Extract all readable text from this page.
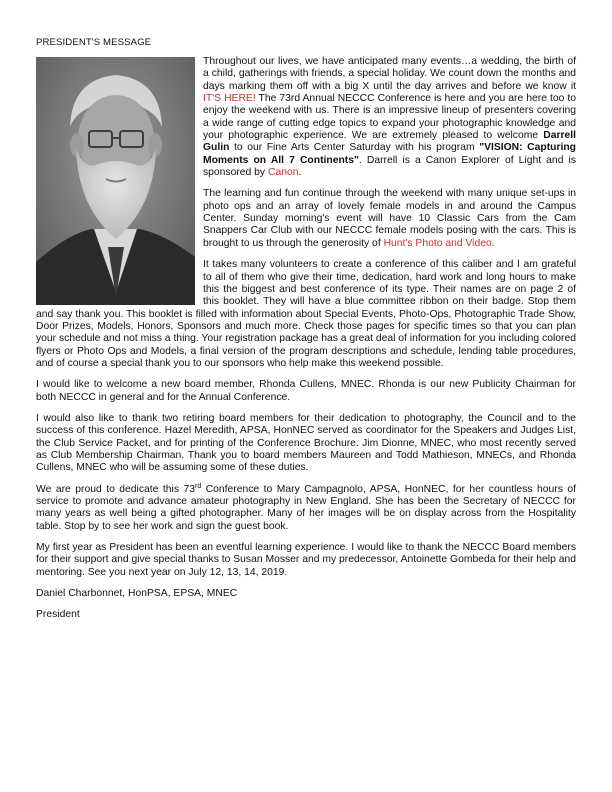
PRESIDENT'S MESSAGE

Throughout our lives, we have anticipated many events…a wedding, the birth of a child, gatherings with friends, a special holiday. We count down the months and days marking them off with a big X until the day arrives and before we know it IT'S HERE! The 73rd Annual NECCC Conference is here and you are here too to enjoy the weekend with us. There is an impressive lineup of presenters covering a wide range of cutting edge topics to expand your photographic knowledge and your photographic experience. We are extremely pleased to welcome Darrell Gulin to our Fine Arts Center Saturday with his program "VISION: Capturing Moments on All 7 Continents". Darrell is a Canon Explorer of Light and is sponsored by Canon.

The learning and fun continue through the weekend with many unique set-ups in photo ops and an array of lovely female models in and around the Campus Center. Sunday morning's event will have 10 Classic Cars from the Cam Snappers Car Club with our NECCC female models posing with the cars. This is brought to us through the generosity of Hunt's Photo and Video.

It takes many volunteers to create a conference of this caliber and I am grateful to all of them who give their time, dedication, hard work and long hours to make this the biggest and best conference of its type. Their names are on page 2 of this booklet. They will have a blue committee ribbon on their badge. Stop them and say thank you. This booklet is filled with information about Special Events, Photo-Ops, Photographic Trade Show, Door Prizes, Models, Honors, Sponsors and much more. Check those pages for specific times so that you can plan your schedule and not miss a thing. Your registration package has a great deal of information for you including colored flyers or Photo Ops and Models, a final version of the program descriptions and schedule, lending table procedures, and of course a special thank you to our sponsors who help make this weekend possible.

I would like to welcome a new board member, Rhonda Cullens, MNEC. Rhonda is our new Publicity Chairman for both NECCC in general and for the Annual Conference.

I would also like to thank two retiring board members for their dedication to photography, the Council and to the success of this conference. Hazel Meredith, APSA, HonNEC served as coordinator for the Speakers and Judges List, the Club Service Packet, and for printing of the Conference Brochure. Jim Dionne, MNEC, who most recently served as Club Membership Chairman. Thank you to board members Maureen and Todd Mathieson, MNECs, and Rhonda Cullens, MNEC who will be assuming some of these duties.

We are proud to dedicate this 73rd Conference to Mary Campagnolo, APSA, HonNEC, for her countless hours of service to promote and advance amateur photography in New England. She has been the Secretary of NECCC for many years as well being a gifted photographer. Many of her images will be on display across from the Hospitality table. Stop by to see her work and sign the guest book.

My first year as President has been an eventful learning experience. I would like to thank the NECCC Board members for their support and give special thanks to Susan Mosser and my predecessor, Antoinette Gombeda for their help and mentoring. See you next year on July 12, 13, 14, 2019.

Daniel Charbonnet, HonPSA, EPSA, MNEC

President
